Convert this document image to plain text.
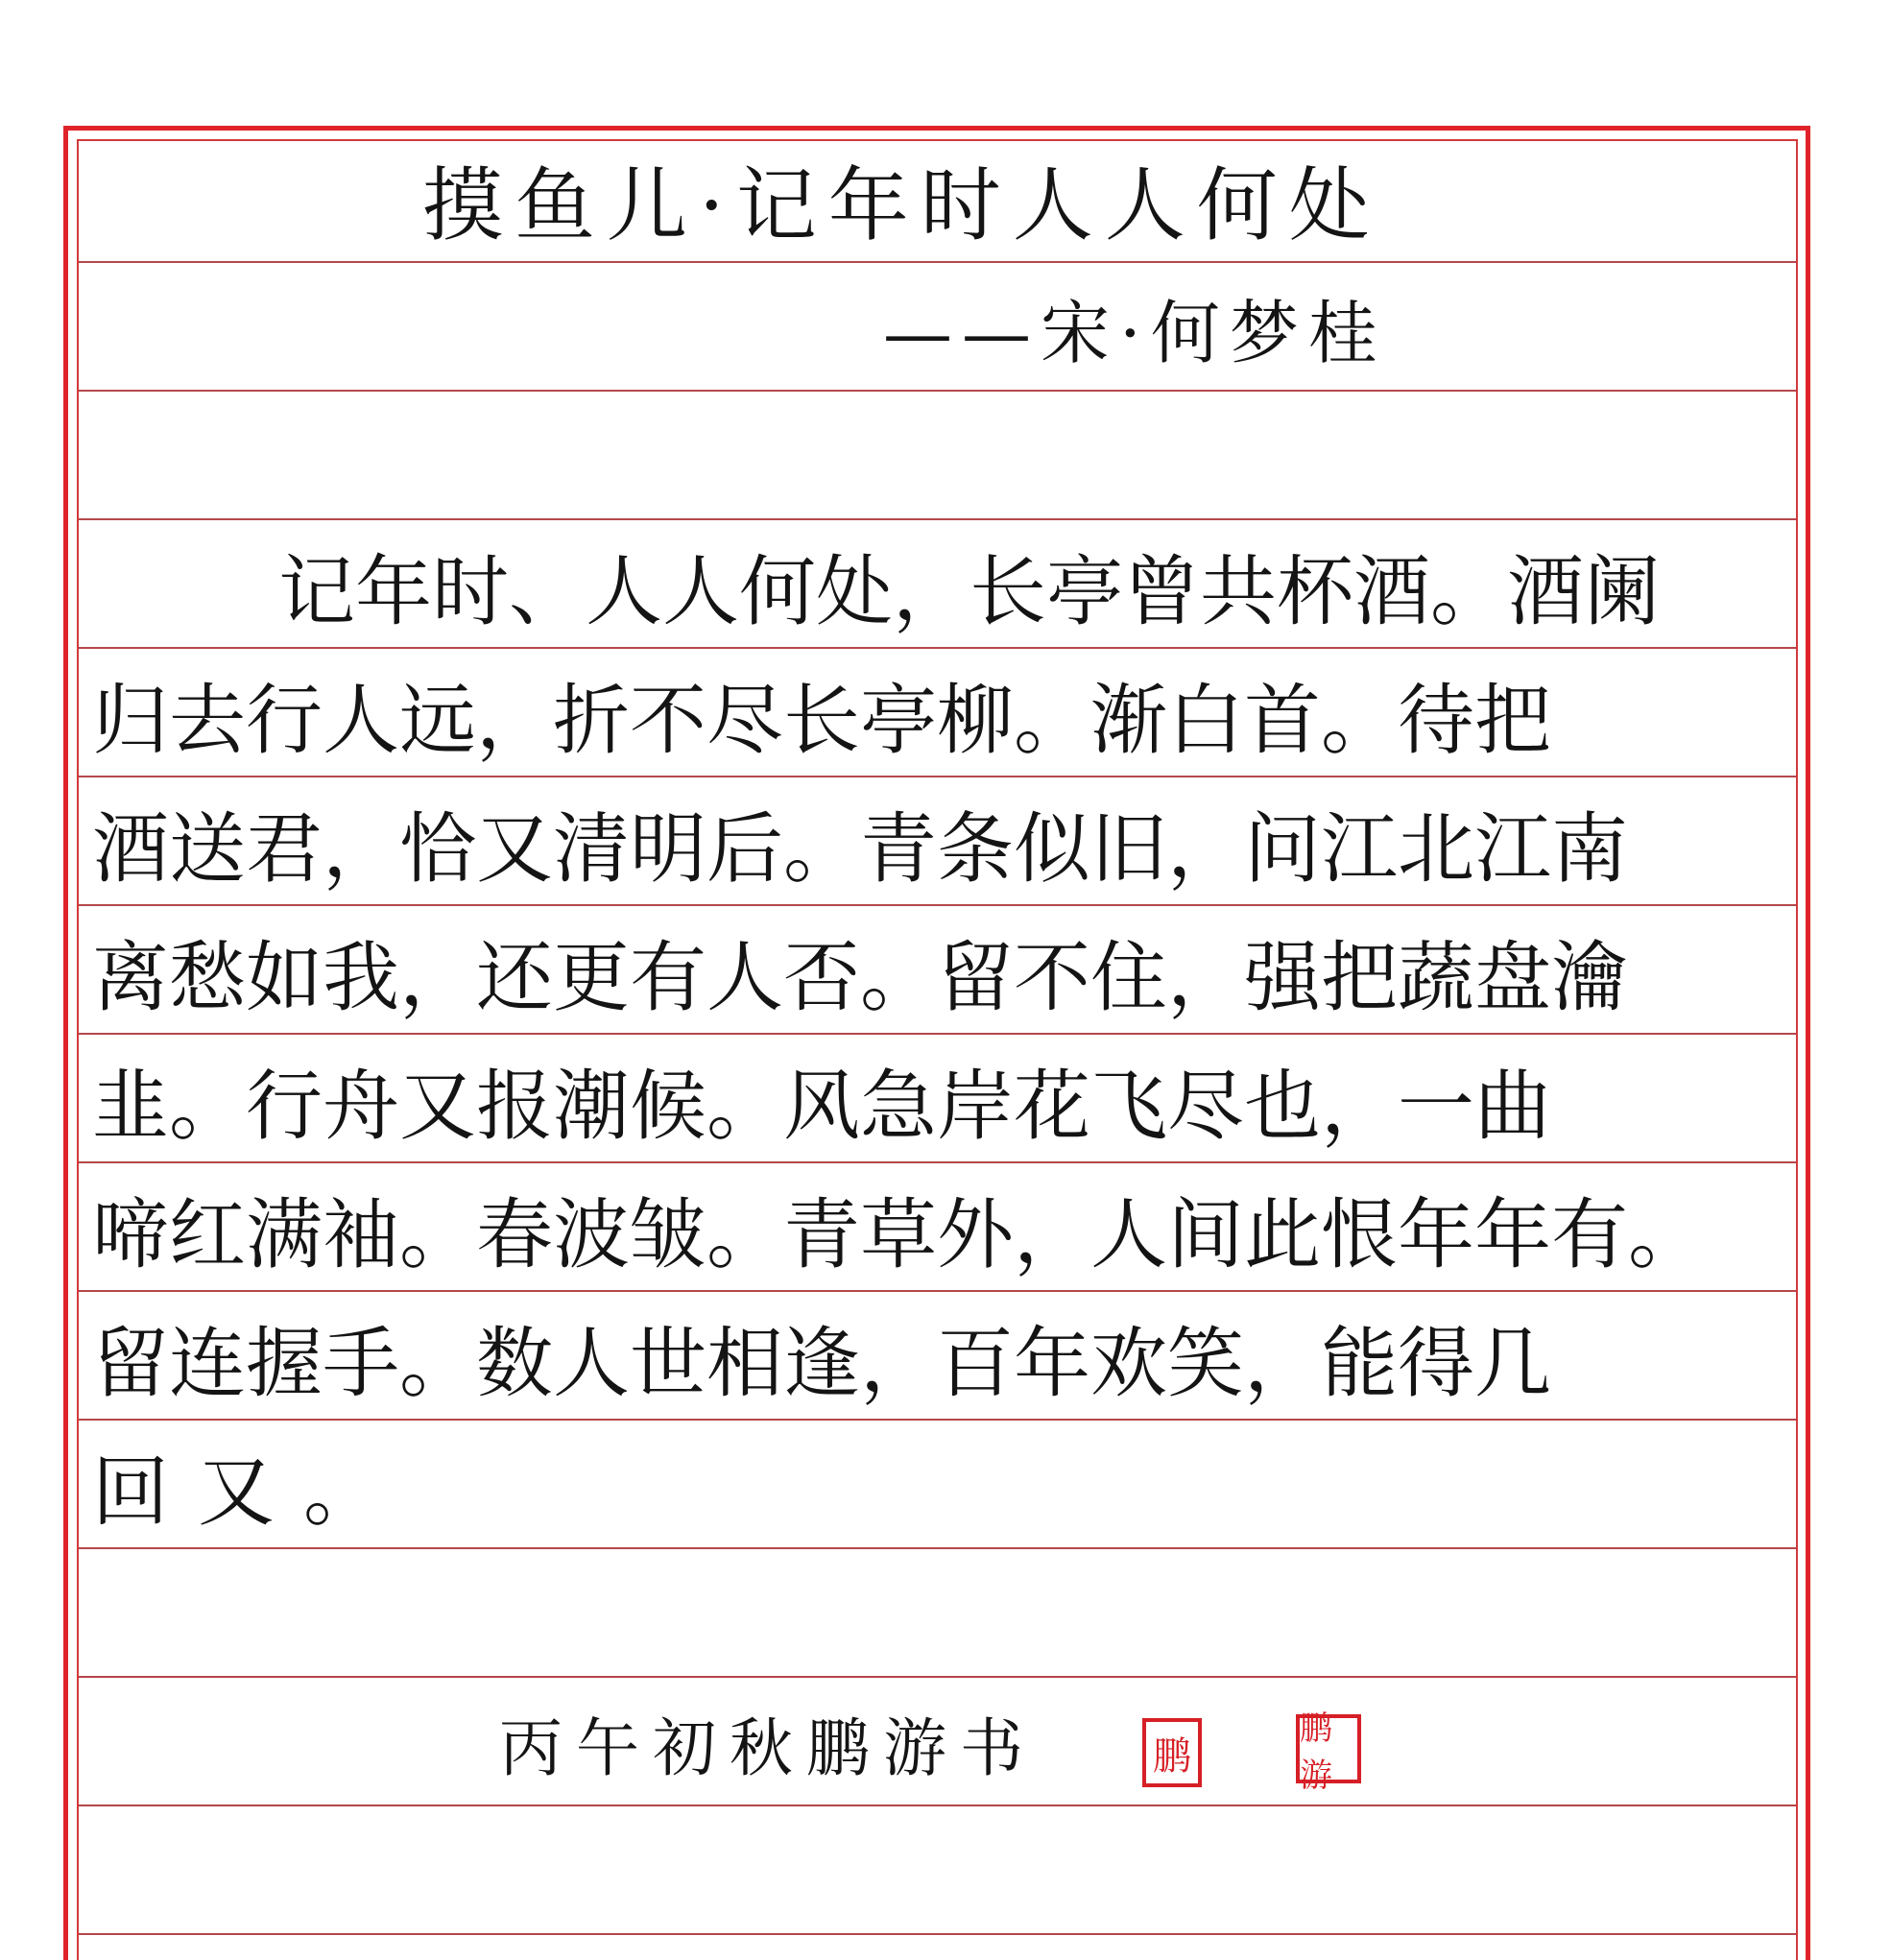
摸鱼儿·记年时人人何处
——宋·何梦桂
记年时、人人何处，长亭曾共杯酒。酒阑
归去行人远，折不尽长亭柳。渐白首。待把
酒送君，恰又清明后。青条似旧，问江北江南
离愁如我，还更有人否。留不住，强把蔬盘瀹
韭。行舟又报潮候。风急岸花飞尽也，一曲
啼红满袖。春波皱。青草外，人间此恨年年有。
留连握手。数人世相逢，百年欢笑，能得几
回又。
丙午初秋鹏游书	鹏
鹏游
